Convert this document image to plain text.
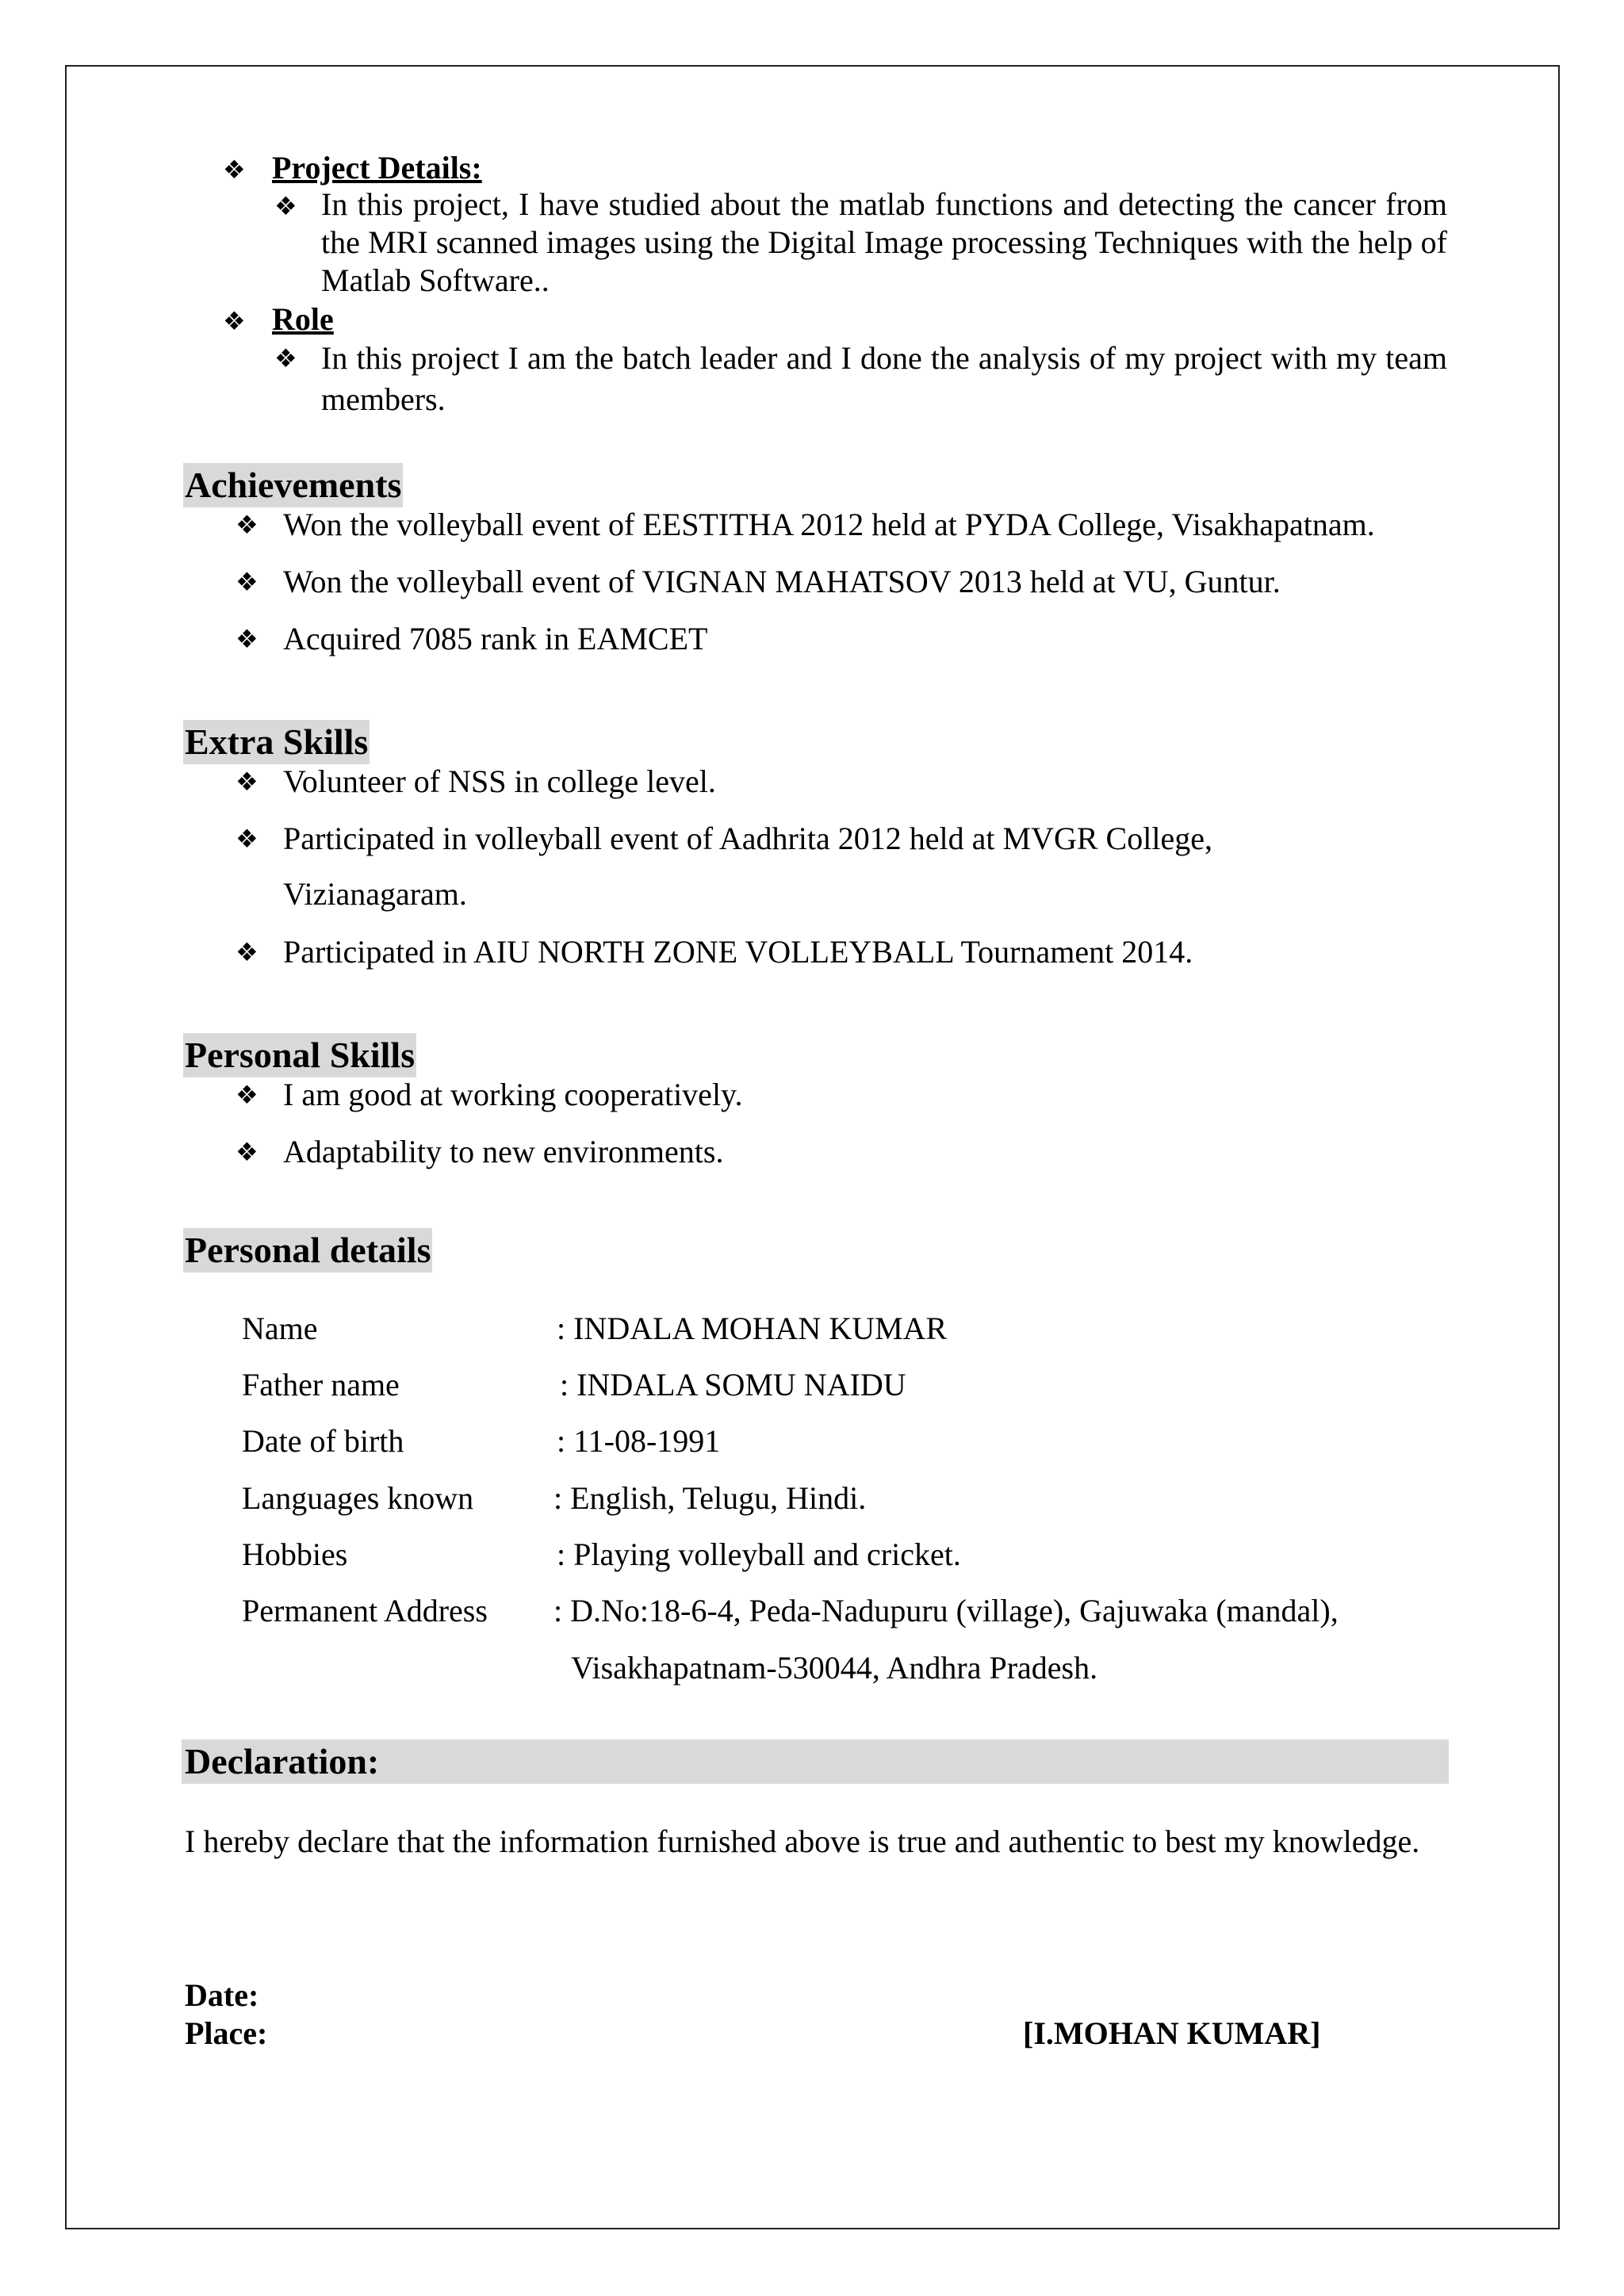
❖ Project Details:
❖ In this project, I have studied about the matlab functions and detecting the cancer from the MRI scanned images using the Digital Image processing Techniques with the help of Matlab Software..
❖ Role
❖ In this project I am the batch leader and I done the analysis of my project with my team members.
Achievements
❖ Won the volleyball event of EESTITHA 2012 held at PYDA College, Visakhapatnam.
❖ Won the volleyball event of VIGNAN MAHATSOV 2013 held at VU, Guntur.
❖ Acquired 7085 rank in EAMCET
Extra Skills
❖ Volunteer of NSS in college level.
❖ Participated in volleyball event of Aadhrita 2012 held at MVGR College,
Vizianagaram.
❖ Participated in AIU NORTH ZONE VOLLEYBALL Tournament 2014.
Personal Skills
❖ I am good at working cooperatively.
❖ Adaptability to new environments.
Personal details
Name	: INDALA MOHAN KUMAR
Father name	: INDALA SOMU NAIDU
Date of birth	: 11-08-1991
Languages known	: English, Telugu, Hindi.
Hobbies	: Playing volleyball and cricket.
Permanent Address : D.No:18-6-4, Peda-Nadupuru (village), Gajuwaka (mandal),
Visakhapatnam-530044, Andhra Pradesh.
Declaration:
I hereby declare that the information furnished above is true and authentic to best my knowledge.
Date:
Place:	[I.MOHAN KUMAR]
